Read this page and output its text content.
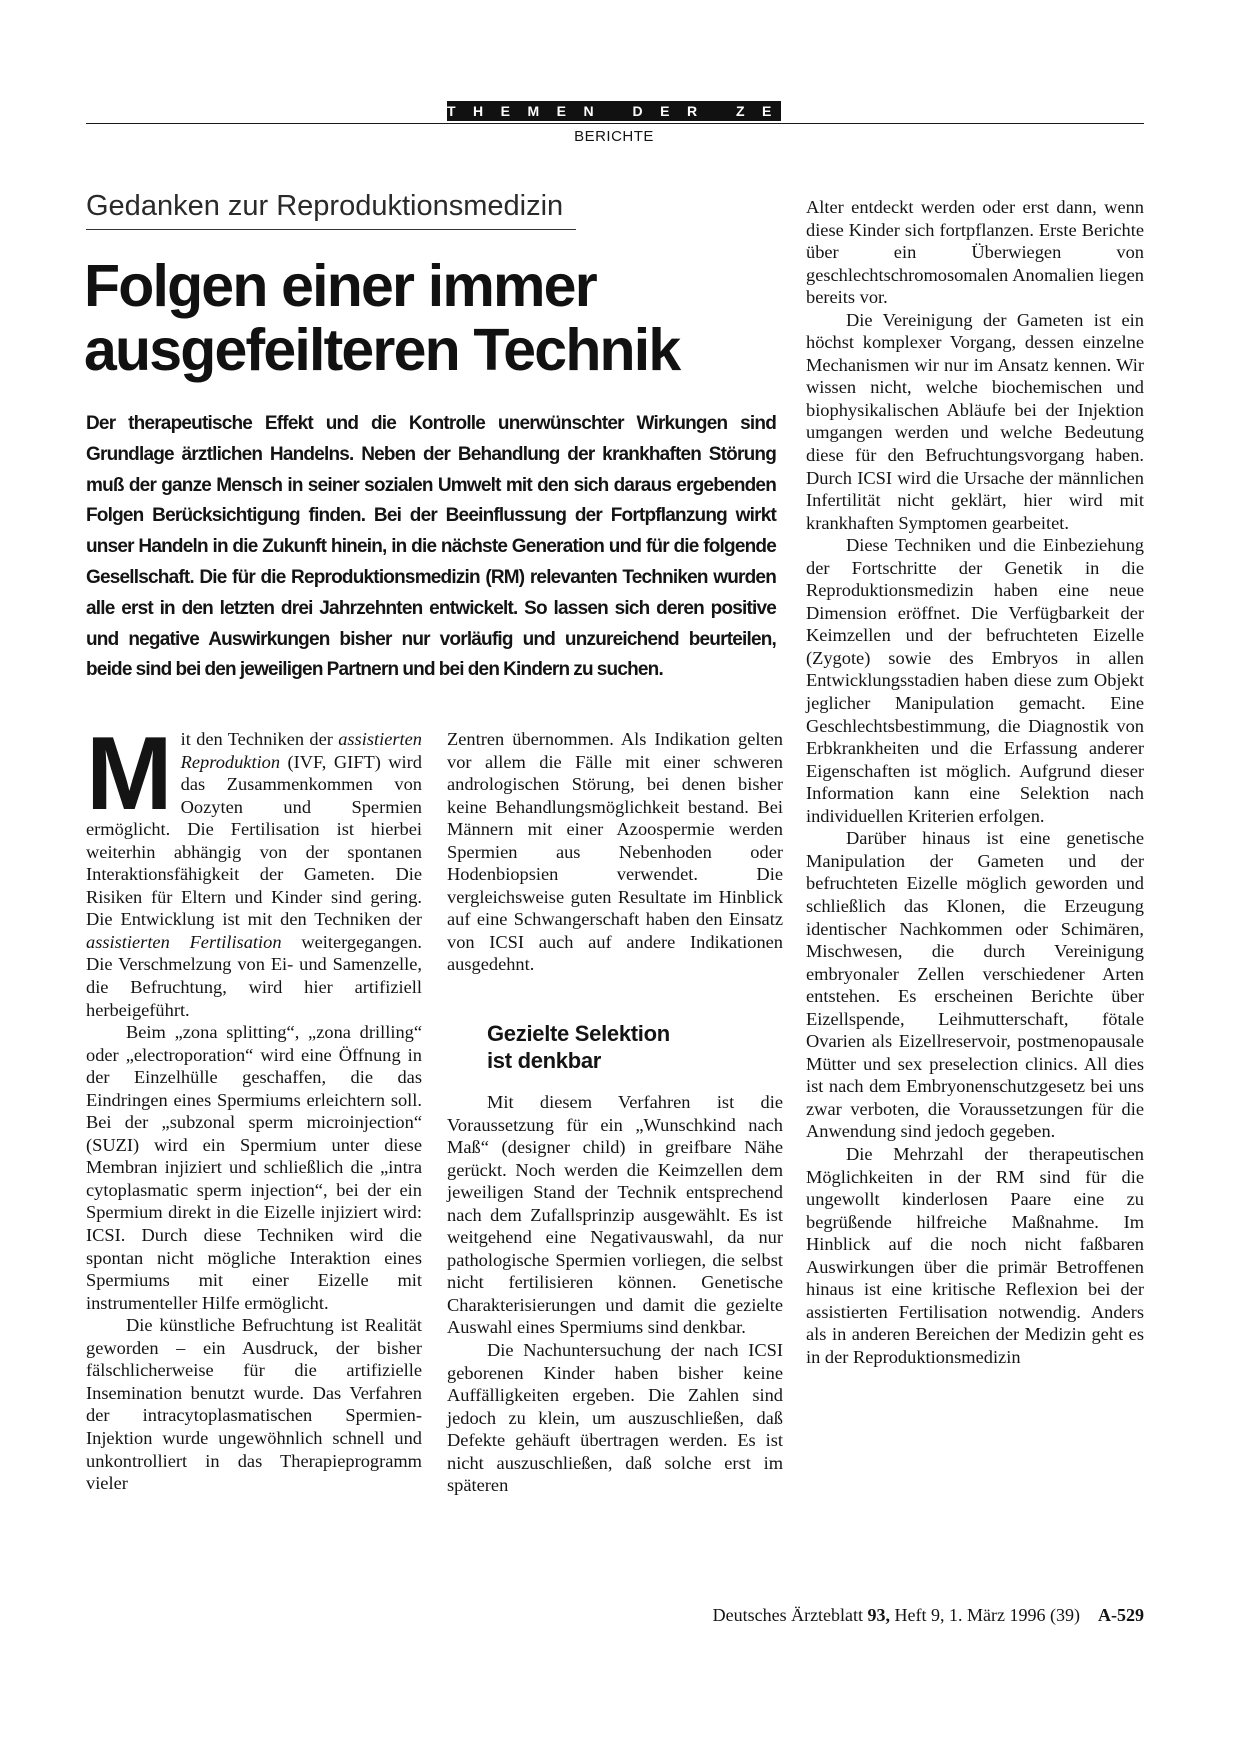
THEMEN DER ZEIT
BERICHTE
Gedanken zur Reproduktionsmedizin
Folgen einer immer
ausgefeilteren Technik

Der therapeutische Effekt und die Kontrolle unerwünschter Wirkungen sind Grundlage ärztlichen Handelns. Neben der Behandlung der krankhaften Störung muß der ganze Mensch in seiner sozialen Umwelt mit den sich daraus ergebenden Folgen Berücksichtigung finden. Bei der Beeinflussung der Fortpflanzung wirkt unser Handeln in die Zukunft hinein, in die nächste Generation und für die folgende Gesellschaft. Die für die Reproduktionsmedizin (RM) relevanten Techniken wurden alle erst in den letzten drei Jahrzehnten entwickelt. So lassen sich deren positive und negative Auswirkungen bisher nur vorläufig und unzureichend beurteilen, beide sind bei den jeweiligen Partnern und bei den Kindern zu suchen.

Mit den Techniken der assistierten Reproduktion (IVF, GIFT) wird das Zusammenkommen von Oozyten und Spermien ermöglicht. Die Fertilisation ist hierbei weiterhin abhängig von der spontanen Interaktionsfähigkeit der Gameten. Die Risiken für Eltern und Kinder sind gering. Die Entwicklung ist mit den Techniken der assistierten Fertilisation weitergegangen. Die Verschmelzung von Ei- und Samenzelle, die Befruchtung, wird hier artifiziell herbeigeführt.

Beim „zona splitting“, „zona drilling“ oder „electroporation“ wird eine Öffnung in der Einzelhülle geschaffen, die das Eindringen eines Spermiums erleichtern soll. Bei der „subzonal sperm microinjection“ (SUZI) wird ein Spermium unter diese Membran injiziert und schließlich die „intra cytoplasmatic sperm injection“, bei der ein Spermium direkt in die Eizelle injiziert wird: ICSI. Durch diese Techniken wird die spontan nicht mögliche Interaktion eines Spermiums mit einer Eizelle mit instrumenteller Hilfe ermöglicht.

Die künstliche Befruchtung ist Realität geworden – ein Ausdruck, der bisher fälschlicherweise für die artifizielle Insemination benutzt wurde. Das Verfahren der intracytoplasmatischen Spermien-Injektion wurde ungewöhnlich schnell und unkontrolliert in das Therapieprogramm vieler

Zentren übernommen. Als Indikation gelten vor allem die Fälle mit einer schweren andrologischen Störung, bei denen bisher keine Behandlungsmöglichkeit bestand. Bei Männern mit einer Azoospermie werden Spermien aus Nebenhoden oder Hodenbiopsien verwendet. Die vergleichsweise guten Resultate im Hinblick auf eine Schwangerschaft haben den Einsatz von ICSI auch auf andere Indikationen ausgedehnt.

Gezielte Selektion
ist denkbar

Mit diesem Verfahren ist die Voraussetzung für ein „Wunschkind nach Maß“ (designer child) in greifbare Nähe gerückt. Noch werden die Keimzellen dem jeweiligen Stand der Technik entsprechend nach dem Zufallsprinzip ausgewählt. Es ist weitgehend eine Negativauswahl, da nur pathologische Spermien vorliegen, die selbst nicht fertilisieren können. Genetische Charakterisierungen und damit die gezielte Auswahl eines Spermiums sind denkbar.

Die Nachuntersuchung der nach ICSI geborenen Kinder haben bisher keine Auffälligkeiten ergeben. Die Zahlen sind jedoch zu klein, um auszuschließen, daß Defekte gehäuft übertragen werden. Es ist nicht auszuschließen, daß solche erst im späteren

Alter entdeckt werden oder erst dann, wenn diese Kinder sich fortpflanzen. Erste Berichte über ein Überwiegen von geschlechtschromosomalen Anomalien liegen bereits vor.

Die Vereinigung der Gameten ist ein höchst komplexer Vorgang, dessen einzelne Mechanismen wir nur im Ansatz kennen. Wir wissen nicht, welche biochemischen und biophysikalischen Abläufe bei der Injektion umgangen werden und welche Bedeutung diese für den Befruchtungsvorgang haben. Durch ICSI wird die Ursache der männlichen Infertilität nicht geklärt, hier wird mit krankhaften Symptomen gearbeitet.

Diese Techniken und die Einbeziehung der Fortschritte der Genetik in die Reproduktionsmedizin haben eine neue Dimension eröffnet. Die Verfügbarkeit der Keimzellen und der befruchteten Eizelle (Zygote) sowie des Embryos in allen Entwicklungsstadien haben diese zum Objekt jeglicher Manipulation gemacht. Eine Geschlechtsbestimmung, die Diagnostik von Erbkrankheiten und die Erfassung anderer Eigenschaften ist möglich. Aufgrund dieser Information kann eine Selektion nach individuellen Kriterien erfolgen.

Darüber hinaus ist eine genetische Manipulation der Gameten und der befruchteten Eizelle möglich geworden und schließlich das Klonen, die Erzeugung identischer Nachkommen oder Schimären, Mischwesen, die durch Vereinigung embryonaler Zellen verschiedener Arten entstehen. Es erscheinen Berichte über Eizellspende, Leihmutterschaft, fötale Ovarien als Eizellreservoir, postmenopausale Mütter und sex preselection clinics. All dies ist nach dem Embryonenschutzgesetz bei uns zwar verboten, die Voraussetzungen für die Anwendung sind jedoch gegeben.

Die Mehrzahl der therapeutischen Möglichkeiten in der RM sind für die ungewollt kinderlosen Paare eine zu begrüßende hilfreiche Maßnahme. Im Hinblick auf die noch nicht faßbaren Auswirkungen über die primär Betroffenen hinaus ist eine kritische Reflexion bei der assistierten Fertilisation notwendig. Anders als in anderen Bereichen der Medizin geht es in der Reproduktionsmedizin

Deutsches Ärzteblatt 93, Heft 9, 1. März 1996 (39) A-529
